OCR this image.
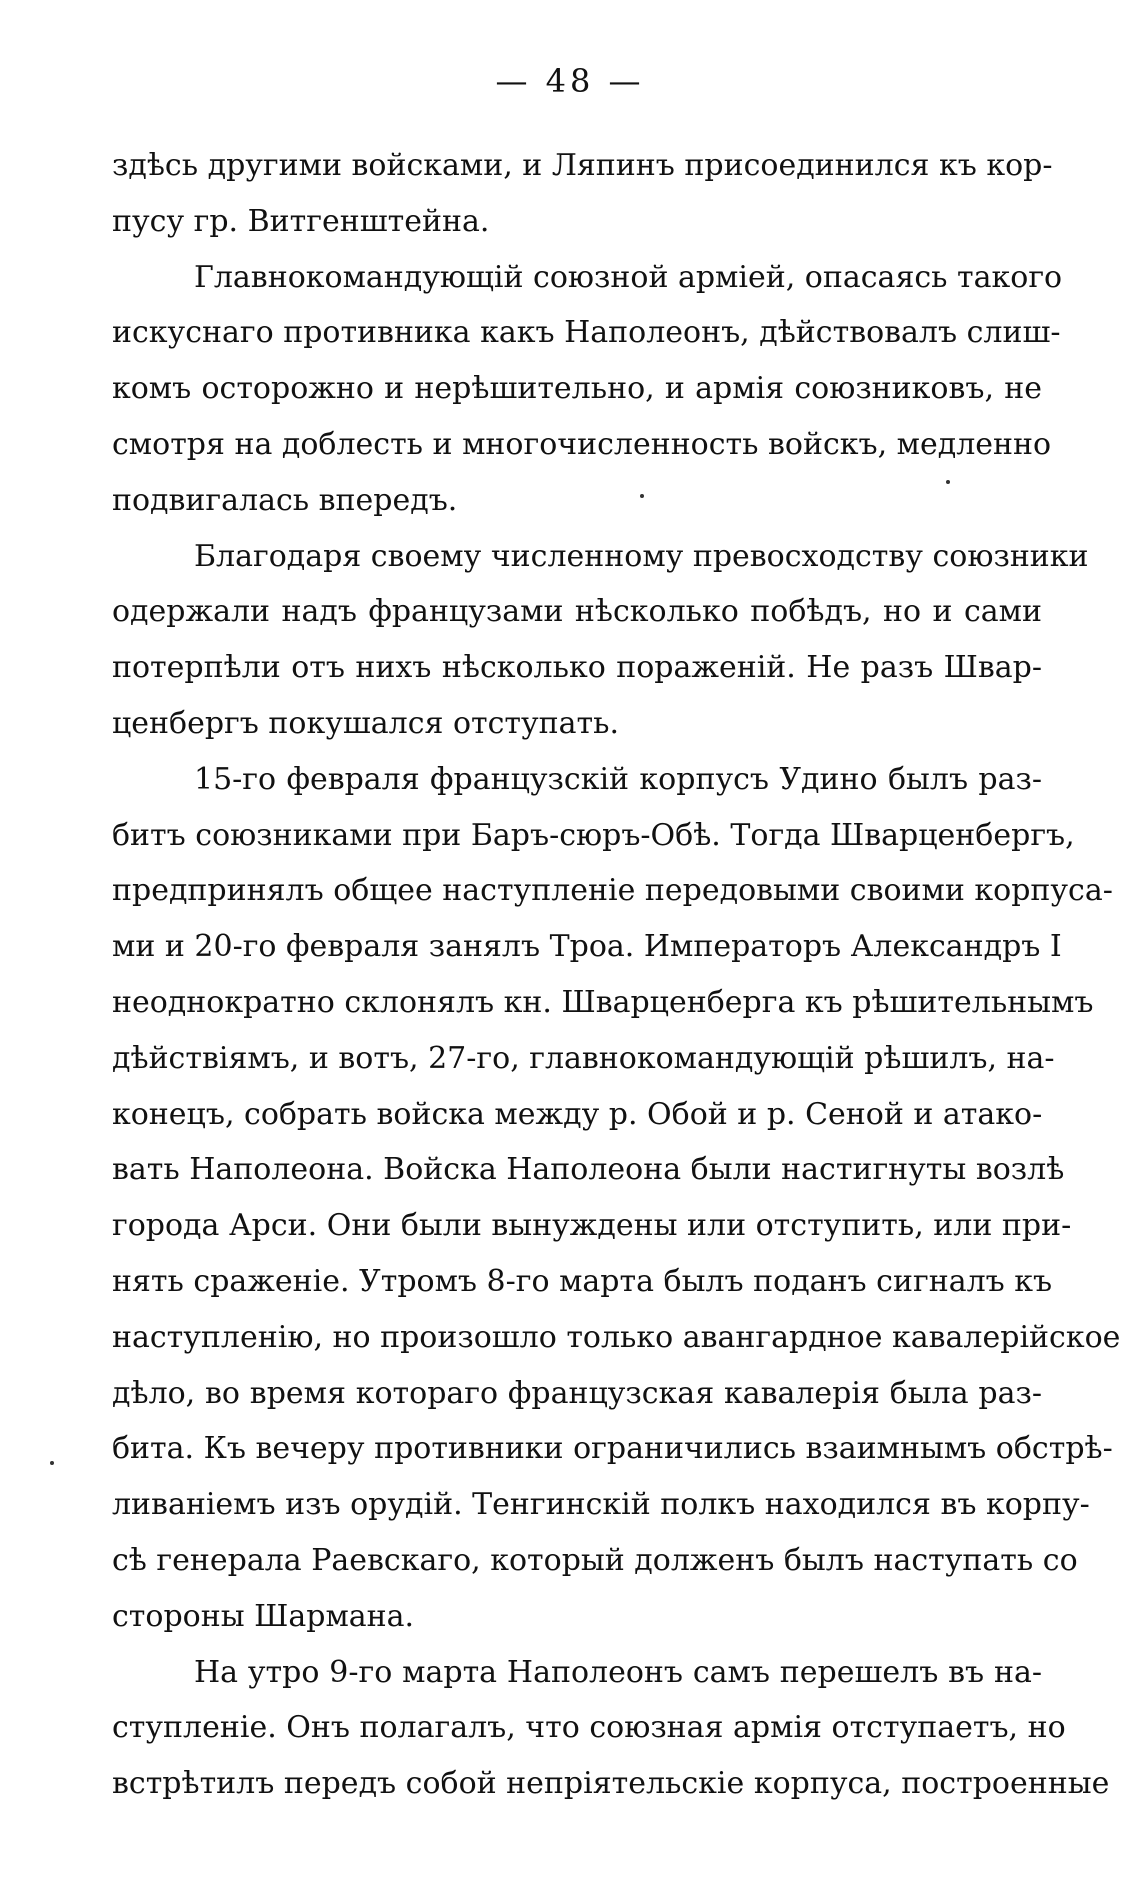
— 48 —
здѣсь другими войсками, и Ляпинъ присоединился къ кор-
пусу гр. Витгенштейна.
Главнокомандующій союзной арміей, опасаясь такого
искуснаго противника какъ Наполеонъ, дѣйствовалъ слиш-
комъ осторожно и нерѣшительно, и армія союзниковъ, не
смотря на доблесть и многочисленность войскъ, медленно
подвигалась впередъ.
Благодаря своему численному превосходству союзники
одержали надъ французами нѣсколько побѣдъ, но и сами
потерпѣли отъ нихъ нѣсколько пораженій. Не разъ Швар-
ценбергъ покушался отступать.
15-го февраля французскій корпусъ Удино былъ раз-
битъ союзниками при Баръ-сюръ-Обѣ. Тогда Шварценбергъ,
предпринялъ общее наступленіе передовыми своими корпуса-
ми и 20-го февраля занялъ Троа. Императоръ Александръ I
неоднократно склонялъ кн. Шварценберга къ рѣшительнымъ
дѣйствіямъ, и вотъ, 27-го, главнокомандующій рѣшилъ, на-
конецъ, собрать войска между р. Обой и р. Сеной и атако-
вать Наполеона. Войска Наполеона были настигнуты возлѣ
города Арси. Они были вынуждены или отступить, или при-
нять сраженіе. Утромъ 8-го марта былъ поданъ сигналъ къ
наступленію, но произошло только авангардное кавалерійское
дѣло, во время котораго французская кавалерія была раз-
бита. Къ вечеру противники ограничились взаимнымъ обстрѣ-
ливаніемъ изъ орудій. Тенгинскій полкъ находился въ корпу-
сѣ генерала Раевскаго, который долженъ былъ наступать со
стороны Шармана.
На утро 9-го марта Наполеонъ самъ перешелъ въ на-
ступленіе. Онъ полагалъ, что союзная армія отступаетъ, но
встрѣтилъ передъ собой непріятельскіе корпуса, построенные
